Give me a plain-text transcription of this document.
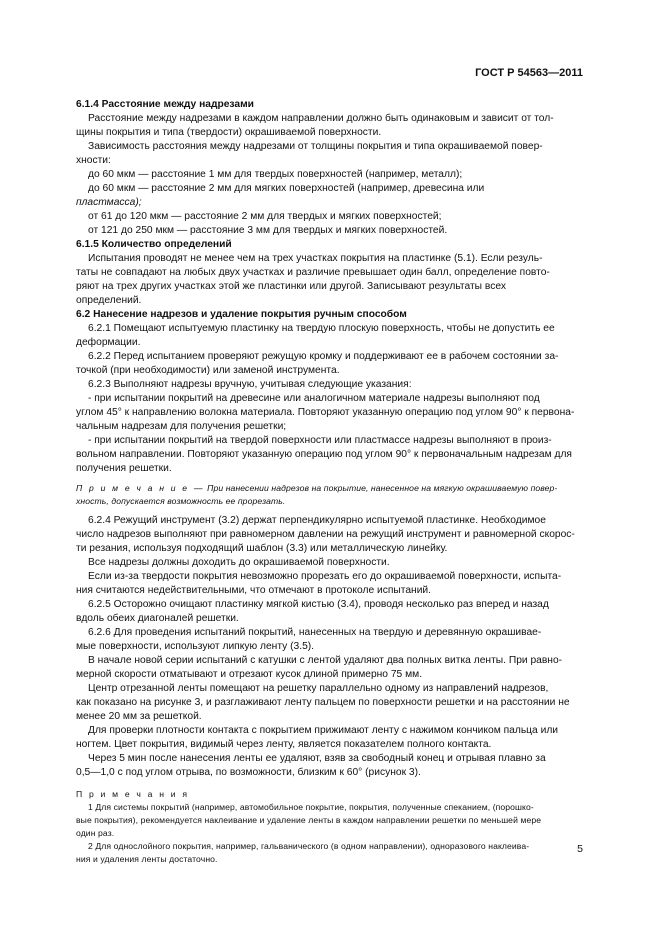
ГОСТ Р 54563—2011
6.1.4 Расстояние между надрезами
Расстояние между надрезами в каждом направлении должно быть одинаковым и зависит от тол-
щины покрытия и типа (твердости) окрашиваемой поверхности.
Зависимость расстояния между надрезами от толщины покрытия и типа окрашиваемой повер-
хности:
до 60 мкм — расстояние 1 мм для твердых поверхностей (например, металл);
до 60 мкм — расстояние 2 мм для мягких поверхностей (например, древесина или
пластмасса);
от 61 до 120 мкм — расстояние 2 мм для твердых и мягких поверхностей;
от 121 до 250 мкм — расстояние 3 мм для твердых и мягких поверхностей.
6.1.5 Количество определений
Испытания проводят не менее чем на трех участках покрытия на пластинке (5.1). Если резуль-
таты не совпадают на любых двух участках и различие превышает один балл, определение повто-
ряют на трех других участках этой же пластинки или другой. Записывают результаты всех
определений.
6.2 Нанесение надрезов и удаление покрытия ручным способом
6.2.1 Помещают испытуемую пластинку на твердую плоскую поверхность, чтобы не допустить ее
деформации.
6.2.2 Перед испытанием проверяют режущую кромку и поддерживают ее в рабочем состоянии за-
точкой (при необходимости) или заменой инструмента.
6.2.3 Выполняют надрезы вручную, учитывая следующие указания:
- при испытании покрытий на древесине или аналогичном материале надрезы выполняют под
углом 45° к направлению волокна материала. Повторяют указанную операцию под углом 90° к первона-
чальным надрезам для получения решетки;
- при испытании покрытий на твердой поверхности или пластмассе надрезы выполняют в произ-
вольном направлении. Повторяют указанную операцию под углом 90° к первоначальным надрезам для
получения решетки.
П р и м е ч а н и е — При нанесении надрезов на покрытие, нанесенное на мягкую окрашиваемую повер-
хность, допускается возможность ее прорезать.
6.2.4 Режущий инструмент (3.2) держат перпендикулярно испытуемой пластинке. Необходимое
число надрезов выполняют при равномерном давлении на режущий инструмент и равномерной скорос-
ти резания, используя подходящий шаблон (3.3) или металлическую линейку.
Все надрезы должны доходить до окрашиваемой поверхности.
Если из-за твердости покрытия невозможно прорезать его до окрашиваемой поверхности, испыта-
ния считаются недействительными, что отмечают в протоколе испытаний.
6.2.5 Осторожно очищают пластинку мягкой кистью (3.4), проводя несколько раз вперед и назад
вдоль обеих диагоналей решетки.
6.2.6 Для проведения испытаний покрытий, нанесенных на твердую и деревянную окрашивае-
мые поверхности, используют липкую ленту (3.5).
В начале новой серии испытаний с катушки с лентой удаляют два полных витка ленты. При равно-
мерной скорости отматывают и отрезают кусок длиной примерно 75 мм.
Центр отрезанной ленты помещают на решетку параллельно одному из направлений надрезов,
как показано на рисунке 3, и разглаживают ленту пальцем по поверхности решетки и на расстоянии не
менее 20 мм за решеткой.
Для проверки плотности контакта с покрытием прижимают ленту с нажимом кончиком пальца или
ногтем. Цвет покрытия, видимый через ленту, является показателем полного контакта.
Через 5 мин после нанесения ленты ее удаляют, взяв за свободный конец и отрывая плавно за
0,5—1,0 с под углом отрыва, по возможности, близким к 60° (рисунок 3).
П р и м е ч а н и я
1 Для системы покрытий (например, автомобильное покрытие, покрытия, полученные спеканием, (порошко-
вые покрытия), рекомендуется наклеивание и удаление ленты в каждом направлении решетки по меньшей мере
один раз.
2 Для однослойного покрытия, например, гальванического (в одном направлении), одноразового наклеива-
ния и удаления ленты достаточно.
5
